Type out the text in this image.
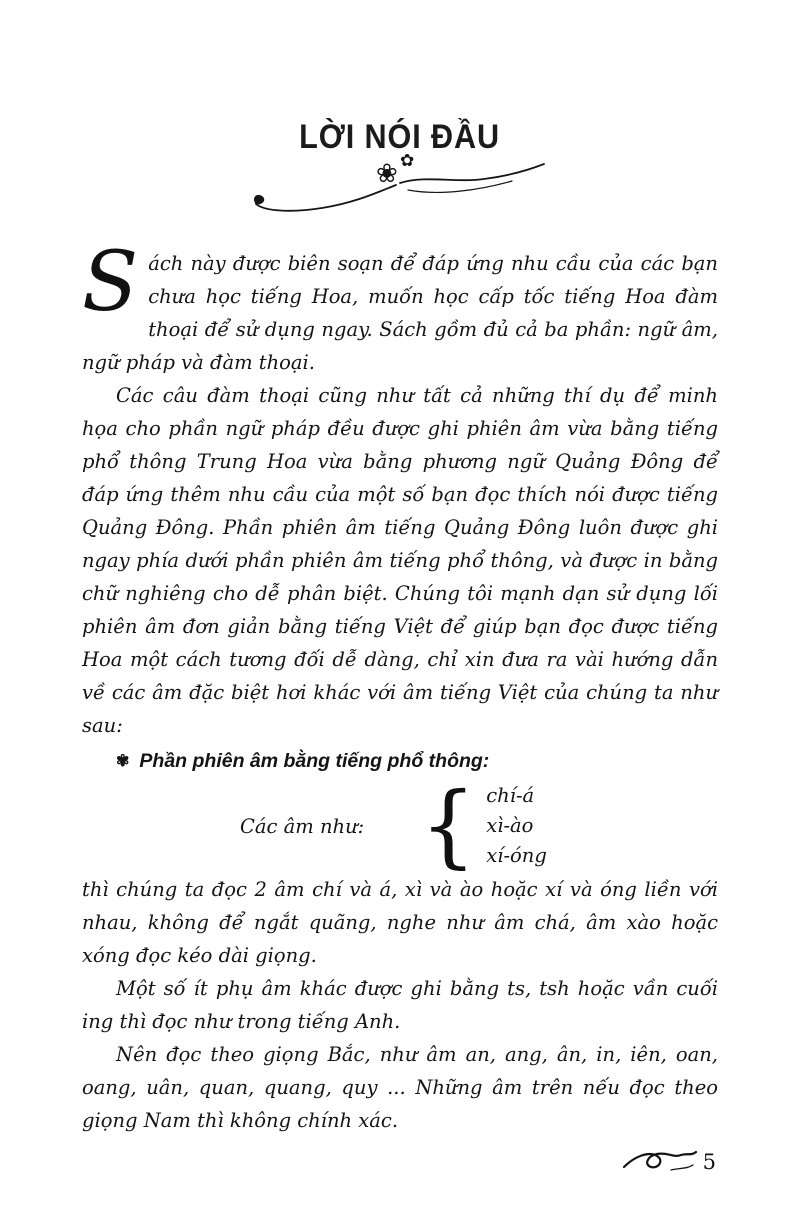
LỜI NÓI ĐẦU
❀ ✿

Sách này được biên soạn để đáp ứng nhu cầu của các bạn chưa học tiếng Hoa, muốn học cấp tốc tiếng Hoa đàm thoại để sử dụng ngay. Sách gồm đủ cả ba phần: ngữ âm, ngữ pháp và đàm thoại.

Các câu đàm thoại cũng như tất cả những thí dụ để minh họa cho phần ngữ pháp đều được ghi phiên âm vừa bằng tiếng phổ thông Trung Hoa vừa bằng phương ngữ Quảng Đông để đáp ứng thêm nhu cầu của một số bạn đọc thích nói được tiếng Quảng Đông. Phần phiên âm tiếng Quảng Đông luôn được ghi ngay phía dưới phần phiên âm tiếng phổ thông, và được in bằng chữ nghiêng cho dễ phân biệt. Chúng tôi mạnh dạn sử dụng lối phiên âm đơn giản bằng tiếng Việt để giúp bạn đọc được tiếng Hoa một cách tương đối dễ dàng, chỉ xin đưa ra vài hướng dẫn về các âm đặc biệt hơi khác với âm tiếng Việt của chúng ta như sau:

✾ Phần phiên âm bằng tiếng phổ thông:

Các âm như: { chí-á
xì-ào
xí-óng

thì chúng ta đọc 2 âm chí và á, xì và ào hoặc xí và óng liền với nhau, không để ngắt quãng, nghe như âm chá, âm xào hoặc xóng đọc kéo dài giọng.

Một số ít phụ âm khác được ghi bằng ts, tsh hoặc vần cuối ing thì đọc như trong tiếng Anh.

Nên đọc theo giọng Bắc, như âm an, ang, ân, in, iên, oan, oang, uân, quan, quang, quy ... Những âm trên nếu đọc theo giọng Nam thì không chính xác.

5
